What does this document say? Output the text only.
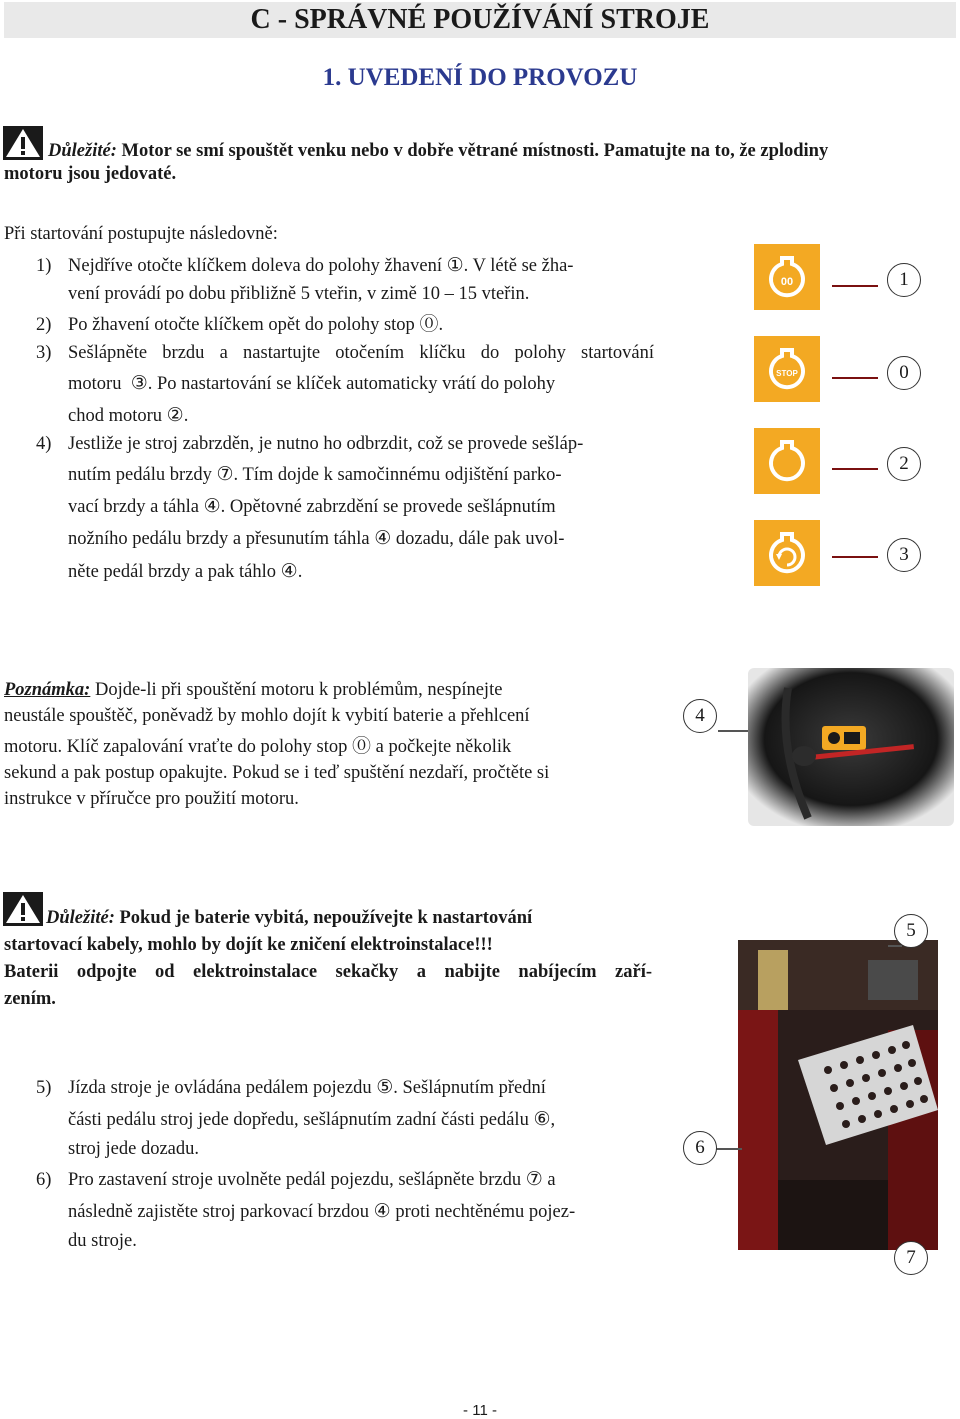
C - SPRÁVNÉ POUŽÍVÁNÍ STROJE
1. UVEDENÍ DO PROVOZU
Důležité: Motor se smí spouštět venku nebo v dobře větrané místnosti. Pamatujte na to, že zplodiny
motoru jsou jedovaté.
Při startování postupujte následovně:
1) Nejdříve otočte klíčkem doleva do polohy žhavení ①. V létě se žha-
vení provádí po dobu přibližně 5 vteřin, v zimě 10 – 15 vteřin.
2) Po žhavení otočte klíčkem opět do polohy stop ⓪.
3) Sešlápněte brzdu a nastartujte otočením klíčku do polohy startování
motoru ③. Po nastartování se klíček automaticky vrátí do polohy
chod motoru ②.
4) Jestliže je stroj zabrzděn, je nutno ho odbrzdit, což se provede sešláp-
nutím pedálu brzdy ⑦. Tím dojde k samočinnému odjištění parko-
vací brzdy a táhla ④. Opětovné zabrzdění se provede sešlápnutím
nožního pedálu brzdy a přesunutím táhla ④ dozadu, dále pak uvol-
něte pedál brzdy a pak táhlo ④.
00
STOP
1
0
2
3
Poznámka: Dojde-li při spouštění motoru k problémům, nespínejte
neustále spouštěč, poněvadž by mohlo dojít k vybití baterie a přehlcení
motoru. Klíč zapalování vraťte do polohy stop ⓪ a počkejte několik
sekund a pak postup opakujte. Pokud se i teď spuštění nezdaří, pročtěte si
instrukce v příručce pro použití motoru.
4
Důležité: Pokud je baterie vybitá, nepoužívejte k nastartování
startovací kabely, mohlo by dojít ke zničení elektroinstalace!!!
Baterii odpojte od elektroinstalace sekačky a nabijte nabíjecím zaří-
zením.
5) Jízda stroje je ovládána pedálem pojezdu ⑤. Sešlápnutím přední
části pedálu stroj jede dopředu, sešlápnutím zadní části pedálu ⑥,
stroj jede dozadu.
6) Pro zastavení stroje uvolněte pedál pojezdu, sešlápněte brzdu ⑦ a
následně zajistěte stroj parkovací brzdou ④ proti nechtěnému pojez-
du stroje.
5
6
7
- 11 -
